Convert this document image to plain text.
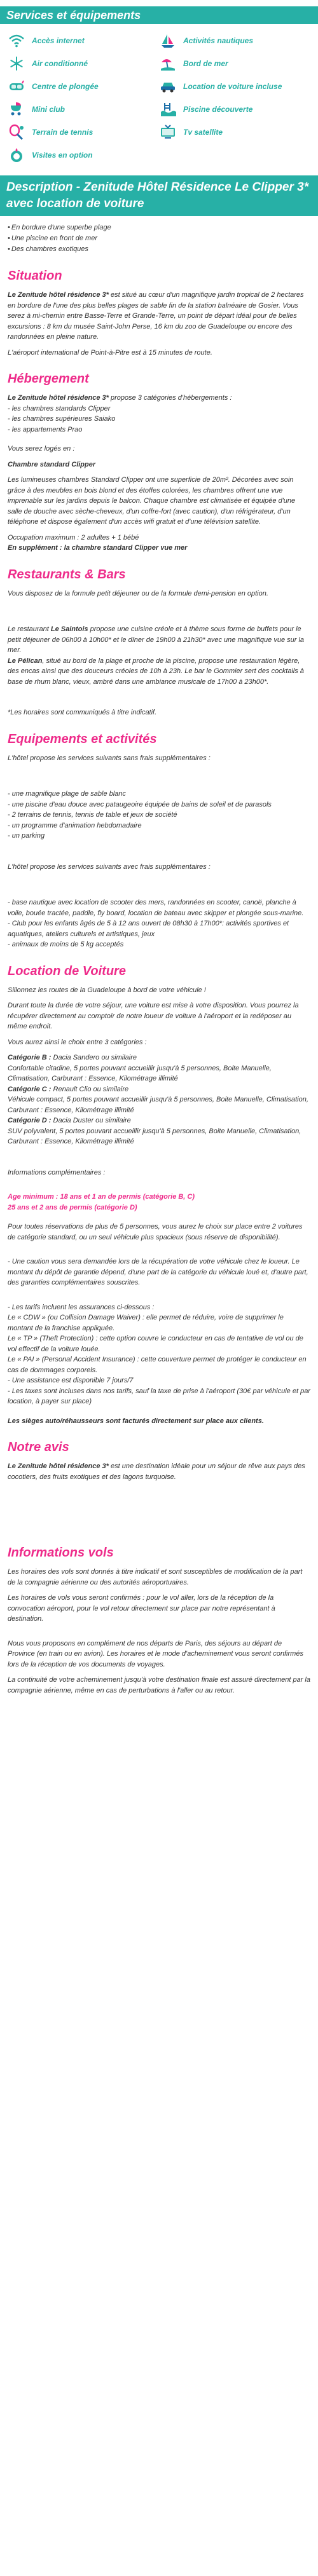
Services et équipements
Accès internet	Activités nautiques
Air conditionné	Bord de mer
Centre de plongée	Location de voiture incluse
Mini club	Piscine découverte
Terrain de tennis	Tv satellite
Visites en option
Description - Zenitude Hôtel Résidence Le Clipper 3* avec location de voiture
• En bordure d'une superbe plage
• Une piscine en front de mer
• Des chambres exotiques
Situation

Le Zenitude hôtel résidence 3* est situé au cœur d'un magnifique jardin tropical de 2 hectares en bordure de l'une des plus belles plages de sable fin de la station balnéaire de Gosier. Vous serez à mi-chemin entre Basse-Terre et Grande-Terre, un point de départ idéal pour de belles excursions : 8 km du musée Saint-John Perse, 16 km du zoo de Guadeloupe ou encore des randonnées en pleine nature.

L'aéroport international de Point-à-Pitre est à 15 minutes de route.

Hébergement
Le Zenitude hôtel résidence 3* propose 3 catégories d'hébergements :
- les chambres standards Clipper
- les chambres supérieures Saiako
- les appartements Prao

Vous serez logés en :

Chambre standard Clipper

Les lumineuses chambres Standard Clipper ont une superficie de 20m². Décorées avec soin grâce à des meubles en bois blond et des étoffes colorées, les chambres offrent une vue imprenable sur les jardins depuis le balcon. Chaque chambre est climatisée et équipée d'une salle de douche avec sèche-cheveux, d'un coffre-fort (avec caution), d'un réfrigérateur, d'un téléphone et dispose également d'un accès wifi gratuit et d'une télévision satellite.

Occupation maximum : 2 adultes + 1 bébé
En supplément : la chambre standard Clipper vue mer
Restaurants & Bars

Vous disposez de la formule petit déjeuner ou de la formule demi-pension en option.

Le restaurant Le Saintois propose une cuisine créole et à thème sous forme de buffets pour le petit déjeuner de 06h00 à 10h00* et le dîner de 19h00 à 21h30* avec une magnifique vue sur la mer.
Le Pélican, situé au bord de la plage et proche de la piscine, propose une restauration légère, des encas ainsi que des douceurs créoles de 10h à 23h. Le bar le Gommier sert des cocktails à base de rhum blanc, vieux, ambré dans une ambiance musicale de 17h00 à 23h00*.

*Les horaires sont communiqués à titre indicatif.

Equipements et activités

L'hôtel propose les services suivants sans frais supplémentaires :

- une magnifique plage de sable blanc
- une piscine d'eau douce avec pataugeoire équipée de bains de soleil et de parasols
- 2 terrains de tennis, tennis de table et jeux de société
- un programme d'animation hebdomadaire
- un parking

L'hôtel propose les services suivants avec frais supplémentaires :

- base nautique avec location de scooter des mers, randonnées en scooter, canoë, planche à voile, bouée tractée, paddle, fly board, location de bateau avec skipper et plongée sous-marine.
- Club pour les enfants âgés de 5 à 12 ans ouvert de 08h30 à 17h00*: activités sportives et aquatiques, ateliers culturels et artistiques, jeux
- animaux de moins de 5 kg acceptés
Location de Voiture

Sillonnez les routes de la Guadeloupe à bord de votre véhicule !

Durant toute la durée de votre séjour, une voiture est mise à votre disposition. Vous pourrez la récupérer directement au comptoir de notre loueur de voiture à l'aéroport et la redéposer au même endroit.

Vous aurez ainsi le choix entre 3 catégories :

Catégorie B : Dacia Sandero ou similaire
Confortable citadine, 5 portes pouvant accueillir jusqu'à 5 personnes, Boite Manuelle, Climatisation, Carburant : Essence, Kilométrage illimité
Catégorie C : Renault Clio ou similaire
Véhicule compact, 5 portes pouvant accueillir jusqu'à 5 personnes, Boite Manuelle, Climatisation, Carburant : Essence, Kilométrage illimité
Catégorie D : Dacia Duster ou similaire
SUV polyvalent, 5 portes pouvant accueillir jusqu'à 5 personnes, Boite Manuelle, Climatisation, Carburant : Essence, Kilométrage illimité

Informations complémentaires :

Age minimum : 18 ans et 1 an de permis (catégorie B, C)
25 ans et 2 ans de permis (catégorie D)

Pour toutes réservations de plus de 5 personnes, vous aurez le choix sur place entre 2 voitures de catégorie standard, ou un seul véhicule plus spacieux (sous réserve de disponibilité).

- Une caution vous sera demandée lors de la récupération de votre véhicule chez le loueur. Le montant du dépôt de garantie dépend, d'une part de la catégorie du véhicule loué et, d'autre part, des garanties complémentaires souscrites.

- Les tarifs incluent les assurances ci-dessous :
Le « CDW » (ou Collision Damage Waiver) : elle permet de réduire, voire de supprimer le montant de la franchise appliquée.
Le « TP » (Theft Protection) : cette option couvre le conducteur en cas de tentative de vol ou de vol effectif de la voiture louée.
Le « PAI » (Personal Accident Insurance) : cette couverture permet de protéger le conducteur en cas de dommages corporels.
- Une assistance est disponible 7 jours/7
- Les taxes sont incluses dans nos tarifs, sauf la taxe de prise à l'aéroport (30€ par véhicule et par location, à payer sur place)

Les sièges auto/réhausseurs sont facturés directement sur place aux clients.

Notre avis

Le Zenitude hôtel résidence 3* est une destination idéale pour un séjour de rêve aux pays des cocotiers, des fruits exotiques et des lagons turquoise.

Informations vols

Les horaires des vols sont donnés à titre indicatif et sont susceptibles de modification de la part de la compagnie aérienne ou des autorités aéroportuaires.

Les horaires de vols vous seront confirmés : pour le vol aller, lors de la réception de la convocation aéroport, pour le vol retour directement sur place par notre représentant à destination.

Nous vous proposons en complément de nos départs de Paris, des séjours au départ de Province (en train ou en avion). Les horaires et le mode d'acheminement vous seront confirmés lors de la réception de vos documents de voyages.

La continuité de votre acheminement jusqu'à votre destination finale est assuré directement par la compagnie aérienne, même en cas de perturbations à l'aller ou au retour.
